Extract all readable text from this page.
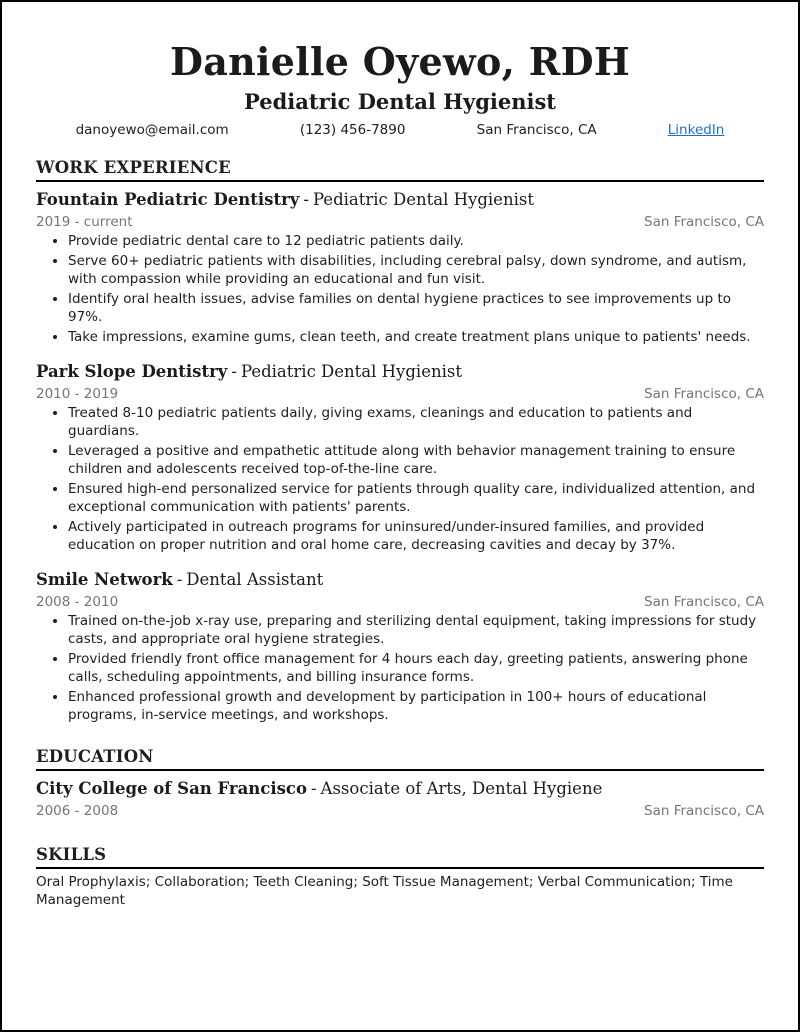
Danielle Oyewo, RDH
Pediatric Dental Hygienist
danoyewo@email.com	(123) 456-7890	San Francisco, CA	LinkedIn
WORK EXPERIENCE
Fountain Pediatric Dentistry - Pediatric Dental Hygienist
2019 - current	San Francisco, CA
• Provide pediatric dental care to 12 pediatric patients daily.
• Serve 60+ pediatric patients with disabilities, including cerebral palsy, down syndrome, and autism, with compassion while providing an educational and fun visit.
• Identify oral health issues, advise families on dental hygiene practices to see improvements up to 97%.
• Take impressions, examine gums, clean teeth, and create treatment plans unique to patients' needs.
Park Slope Dentistry - Pediatric Dental Hygienist
2010 - 2019	San Francisco, CA
• Treated 8-10 pediatric patients daily, giving exams, cleanings and education to patients and guardians.
• Leveraged a positive and empathetic attitude along with behavior management training to ensure children and adolescents received top-of-the-line care.
• Ensured high-end personalized service for patients through quality care, individualized attention, and exceptional communication with patients' parents.
• Actively participated in outreach programs for uninsured/under-insured families, and provided education on proper nutrition and oral home care, decreasing cavities and decay by 37%.
Smile Network - Dental Assistant
2008 - 2010	San Francisco, CA
• Trained on-the-job x-ray use, preparing and sterilizing dental equipment, taking impressions for study casts, and appropriate oral hygiene strategies.
• Provided friendly front office management for 4 hours each day, greeting patients, answering phone calls, scheduling appointments, and billing insurance forms.
• Enhanced professional growth and development by participation in 100+ hours of educational programs, in-service meetings, and workshops.
EDUCATION
City College of San Francisco - Associate of Arts, Dental Hygiene
2006 - 2008	San Francisco, CA
SKILLS
Oral Prophylaxis; Collaboration; Teeth Cleaning; Soft Tissue Management; Verbal Communication; Time Management
